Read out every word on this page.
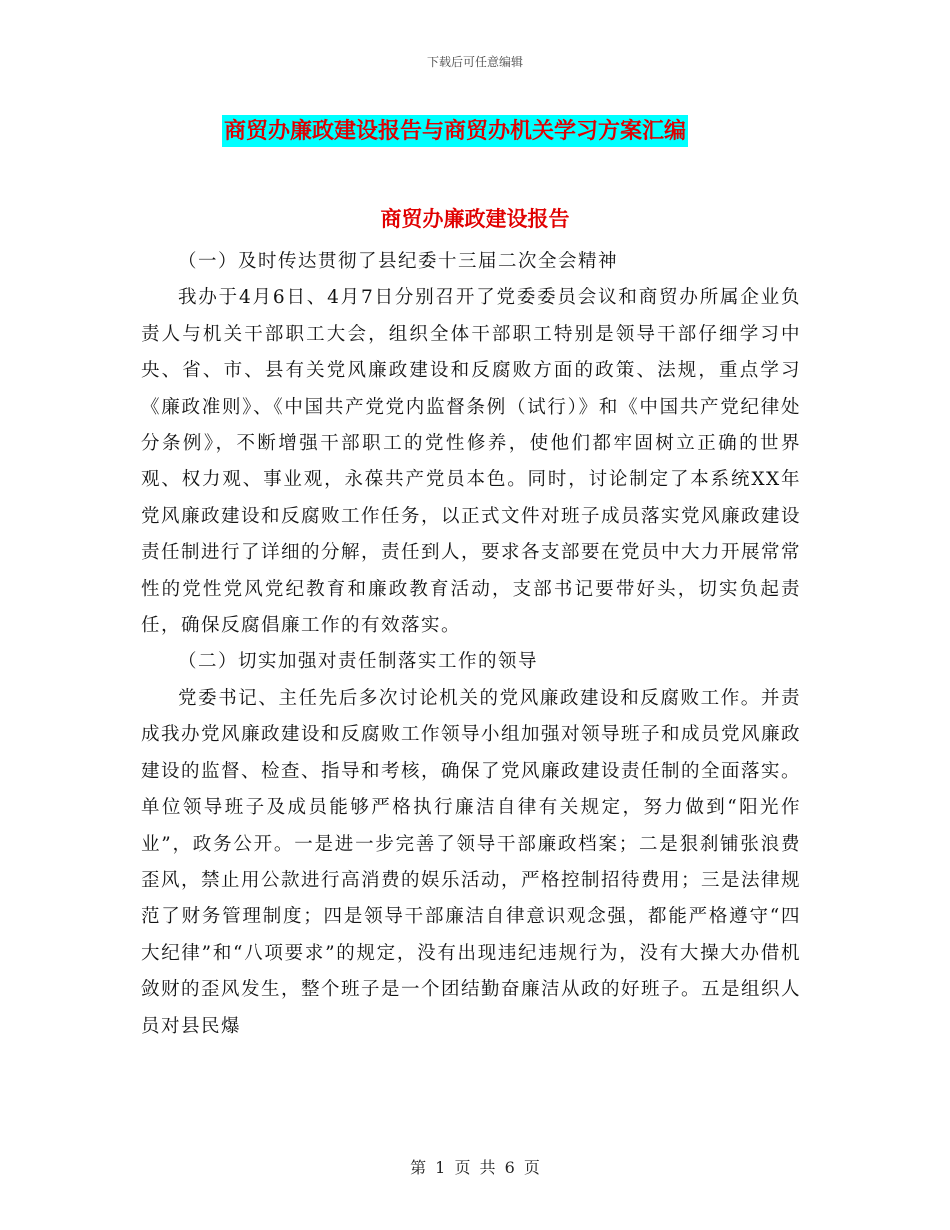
下载后可任意编辑
商贸办廉政建设报告与商贸办机关学习方案汇编
商贸办廉政建设报告

（一）及时传达贯彻了县纪委十三届二次全会精神

我办于4月6日、4月7日分别召开了党委委员会议和商贸办所属企业负责人与机关干部职工大会，组织全体干部职工特别是领导干部仔细学习中央、省、市、县有关党风廉政建设和反腐败方面的政策、法规，重点学习《廉政准则》、《中国共产党党内监督条例（试行）》和《中国共产党纪律处分条例》，不断增强干部职工的党性修养，使他们都牢固树立正确的世界观、权力观、事业观，永葆共产党员本色。同时，讨论制定了本系统XX年党风廉政建设和反腐败工作任务，以正式文件对班子成员落实党风廉政建设责任制进行了详细的分解，责任到人，要求各支部要在党员中大力开展常常性的党性党风党纪教育和廉政教育活动，支部书记要带好头，切实负起责任，确保反腐倡廉工作的有效落实。

（二）切实加强对责任制落实工作的领导

党委书记、主任先后多次讨论机关的党风廉政建设和反腐败工作。并责成我办党风廉政建设和反腐败工作领导小组加强对领导班子和成员党风廉政建设的监督、检查、指导和考核，确保了党风廉政建设责任制的全面落实。单位领导班子及成员能够严格执行廉洁自律有关规定，努力做到“阳光作业”，政务公开。一是进一步完善了领导干部廉政档案；二是狠刹铺张浪费歪风，禁止用公款进行高消费的娱乐活动，严格控制招待费用；三是法律规范了财务管理制度；四是领导干部廉洁自律意识观念强，都能严格遵守“四大纪律”和“八项要求”的规定，没有出现违纪违规行为，没有大操大办借机敛财的歪风发生，整个班子是一个团结勤奋廉洁从政的好班子。五是组织人员对县民爆

第 1 页 共 6 页
